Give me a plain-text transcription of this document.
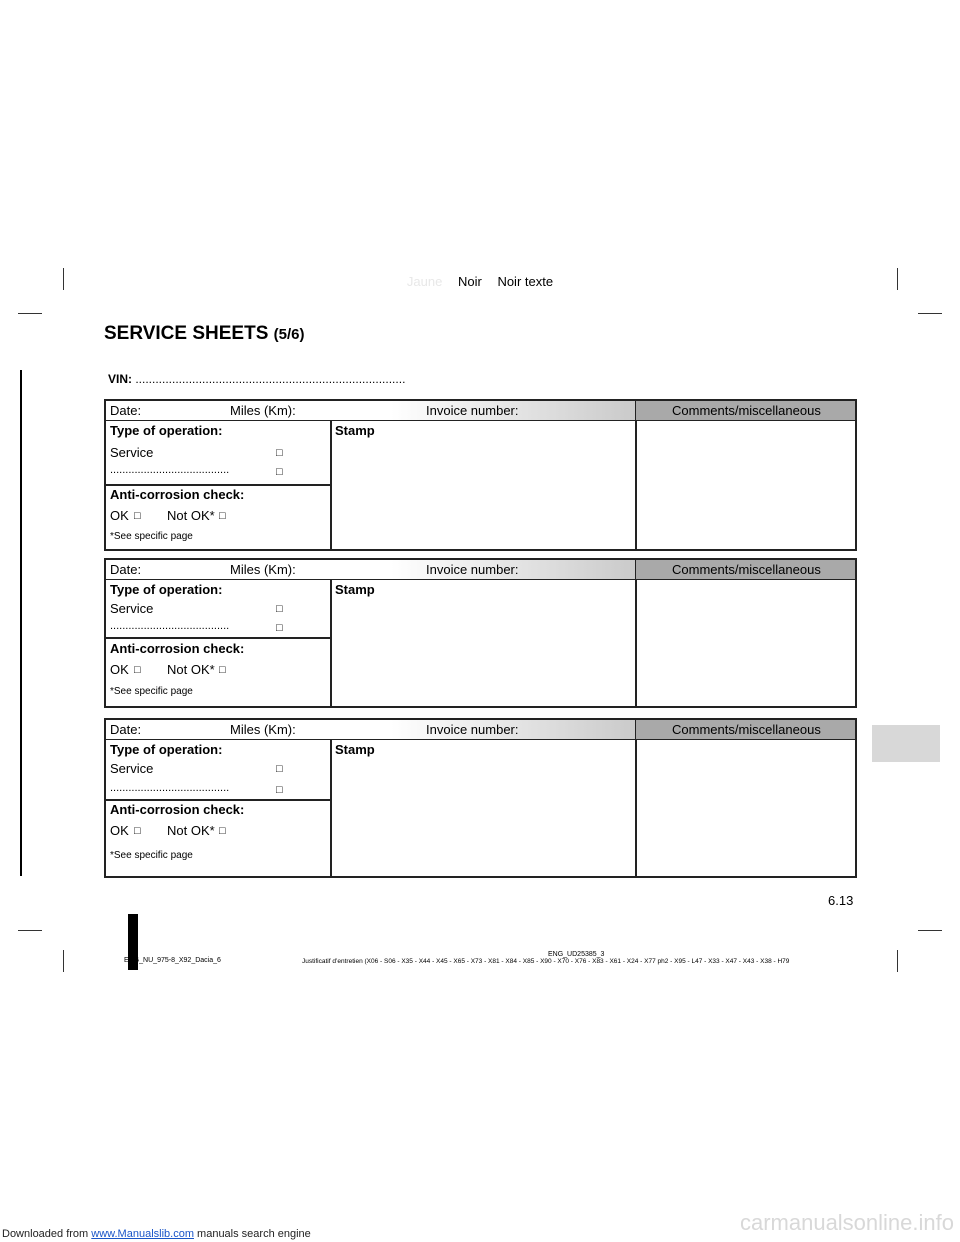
Jaune Noir Noir texte
SERVICE SHEETS (5/6)
VIN: .................................................................................
Date:	Miles (Km):	Invoice number:	Comments/miscellaneous
Type of operation:
Service	□
.......................................	□
Stamp
Anti-corrosion check:
OK □ Not OK* □
*See specific page
Date:	Miles (Km):	Invoice number:	Comments/miscellaneous
Type of operation:
Service	□
.......................................	□
Stamp
Anti-corrosion check:
OK □ Not OK* □
*See specific page
Date:	Miles (Km):	Invoice number:	Comments/miscellaneous
Type of operation:
Service	□
.......................................	□
Stamp
Anti-corrosion check:
OK □ Not OK* □
*See specific page
6.13
ENG_NU_975-8_X92_Dacia_6
ENG_UD25385_3
Justificatif d’entretien (X06 - S06 - X35 - X44 - X45 - X65 - X73 - X81 - X84 - X85 - X90 - X70 - X76 - X83 - X61 - X24 - X77 ph2 - X95 - L47 - X33 - X47 - X43 - X38 - H79
Downloaded from www.Manualslib.com manuals search engine	carmanualsonline.info
